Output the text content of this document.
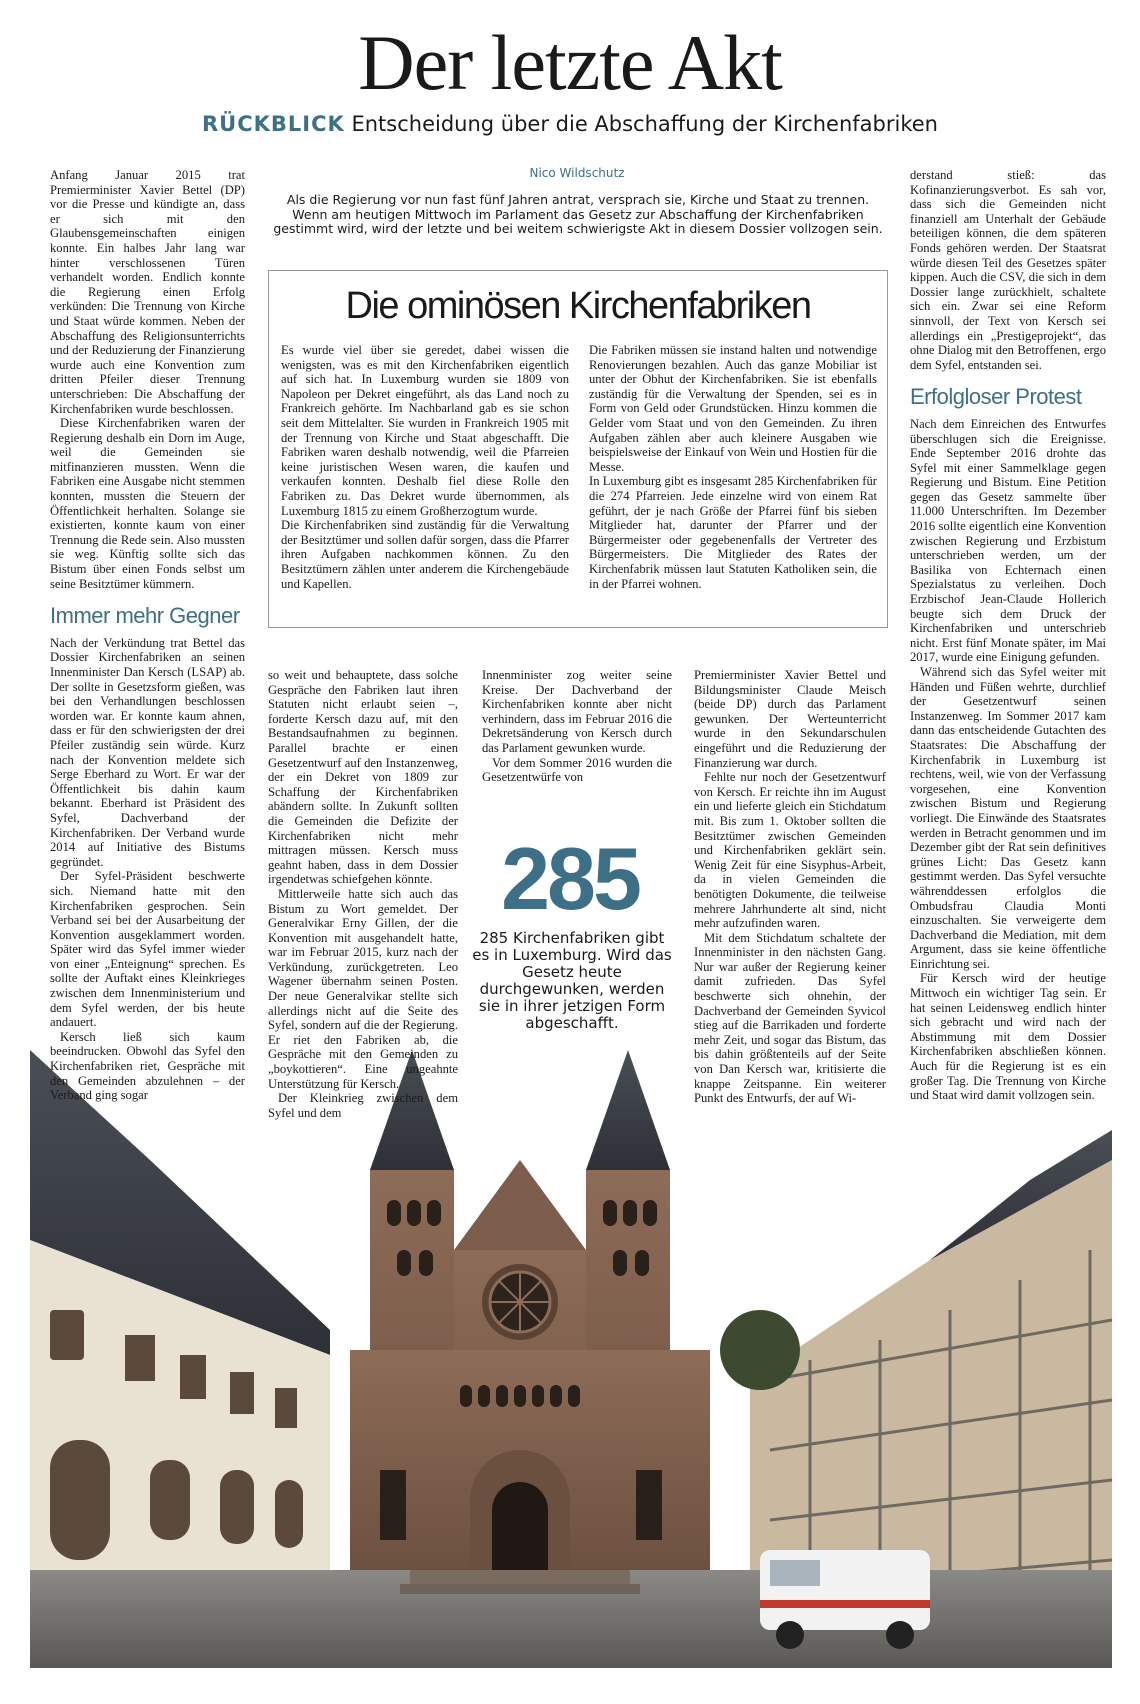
Der letzte Akt
RÜCKBLICK Entscheidung über die Abschaffung der Kirchenfabriken
Nico Wildschutz
Als die Regierung vor nun fast fünf Jahren antrat, versprach sie, Kirche und Staat zu trennen. Wenn am heutigen Mittwoch im Parlament das Gesetz zur Abschaffung der Kirchenfabriken gestimmt wird, wird der letzte und bei weitem schwierigste Akt in diesem Dossier vollzogen sein.

Anfang Januar 2015 trat Premierminister Xavier Bettel (DP) vor die Presse und kündigte an, dass er sich mit den Glaubensgemeinschaften einigen konnte. Ein halbes Jahr lang war hinter verschlossenen Türen verhandelt worden. Endlich konnte die Regierung einen Erfolg verkünden: Die Trennung von Kirche und Staat würde kommen. Neben der Abschaffung des Religionsunterrichts und der Reduzierung der Finanzierung wurde auch eine Konvention zum dritten Pfeiler dieser Trennung unterschrieben: Die Abschaffung der Kirchenfabriken wurde beschlossen.

Diese Kirchenfabriken waren der Regierung deshalb ein Dorn im Auge, weil die Gemeinden sie mitfinanzieren mussten. Wenn die Fabriken eine Ausgabe nicht stemmen konnten, mussten die Steuern der Öffentlichkeit herhalten. Solange sie existierten, konnte kaum von einer Trennung die Rede sein. Also mussten sie weg. Künftig sollte sich das Bistum über einen Fonds selbst um seine Besitztümer kümmern.

Immer mehr Gegner

Nach der Verkündung trat Bettel das Dossier Kirchenfabriken an seinen Innenminister Dan Kersch (LSAP) ab. Der sollte in Gesetzsform gießen, was bei den Verhandlungen beschlossen worden war. Er konnte kaum ahnen, dass er für den schwierigsten der drei Pfeiler zuständig sein würde. Kurz nach der Konvention meldete sich Serge Eberhard zu Wort. Er war der Öffentlichkeit bis dahin kaum bekannt. Eberhard ist Präsident des Syfel, Dachverband der Kirchenfabriken. Der Verband wurde 2014 auf Initiative des Bistums gegründet.

Der Syfel-Präsident beschwerte sich. Niemand hatte mit den Kirchenfabriken gesprochen. Sein Verband sei bei der Ausarbeitung der Konvention ausgeklammert worden. Später wird das Syfel immer wieder von einer „Enteignung“ sprechen. Es sollte der Auftakt eines Kleinkrieges zwischen dem Innenministerium und dem Syfel werden, der bis heute andauert.

Kersch ließ sich kaum beeindrucken. Obwohl das Syfel den Kirchenfabriken riet, Gespräche mit den Gemeinden abzulehnen – der Verband ging sogar

Die ominösen Kirchenfabriken

Es wurde viel über sie geredet, dabei wissen die wenigsten, was es mit den Kirchenfabriken eigentlich auf sich hat. In Luxemburg wurden sie 1809 von Napoleon per Dekret eingeführt, als das Land noch zu Frankreich gehörte. Im Nachbarland gab es sie schon seit dem Mittelalter. Sie wurden in Frankreich 1905 mit der Trennung von Kirche und Staat abgeschafft. Die Fabriken waren deshalb notwendig, weil die Pfarreien keine juristischen Wesen waren, die kaufen und verkaufen konnten. Deshalb fiel diese Rolle den Fabriken zu. Das Dekret wurde übernommen, als Luxemburg 1815 zu einem Großherzogtum wurde.

Die Kirchenfabriken sind zuständig für die Verwaltung der Besitztümer und sollen dafür sorgen, dass die Pfarrer ihren Aufgaben nachkommen können. Zu den Besitztümern zählen unter anderem die Kirchengebäude und Kapellen.

Die Fabriken müssen sie instand halten und notwendige Renovierungen bezahlen. Auch das ganze Mobiliar ist unter der Obhut der Kirchenfabriken. Sie ist ebenfalls zuständig für die Verwaltung der Spenden, sei es in Form von Geld oder Grundstücken. Hinzu kommen die Gelder vom Staat und von den Gemeinden. Zu ihren Aufgaben zählen aber auch kleinere Ausgaben wie beispielsweise der Einkauf von Wein und Hostien für die Messe.

In Luxemburg gibt es insgesamt 285 Kirchenfabriken für die 274 Pfarreien. Jede einzelne wird von einem Rat geführt, der je nach Größe der Pfarrei fünf bis sieben Mitglieder hat, darunter der Pfarrer und der Bürgermeister oder gegebenenfalls der Vertreter des Bürgermeisters. Die Mitglieder des Rates der Kirchenfabrik müssen laut Statuten Katholiken sein, die in der Pfarrei wohnen.

so weit und behauptete, dass solche Gespräche den Fabriken laut ihren Statuten nicht erlaubt seien –, forderte Kersch dazu auf, mit den Bestandsaufnahmen zu beginnen. Parallel brachte er einen Gesetzentwurf auf den Instanzenweg, der ein Dekret von 1809 zur Schaffung der Kirchenfabriken abändern sollte. In Zukunft sollten die Gemeinden die Defizite der Kirchenfabriken nicht mehr mittragen müssen. Kersch muss geahnt haben, dass in dem Dossier irgendetwas schiefgehen könnte.

Mittlerweile hatte sich auch das Bistum zu Wort gemeldet. Der Generalvikar Erny Gillen, der die Konvention mit ausgehandelt hatte, war im Februar 2015, kurz nach der Verkündung, zurückgetreten. Leo Wagener übernahm seinen Posten. Der neue Generalvikar stellte sich allerdings nicht auf die Seite des Syfel, sondern auf die der Regierung. Er riet den Fabriken ab, die Gespräche mit den Gemeinden zu „boykottieren“. Eine ungeahnte Unterstützung für Kersch.

Der Kleinkrieg zwischen dem Syfel und dem

Innenminister zog weiter seine Kreise. Der Dachverband der Kirchenfabriken konnte aber nicht verhindern, dass im Februar 2016 die Dekretsänderung von Kersch durch das Parlament gewunken wurde.

Vor dem Sommer 2016 wurden die Gesetzentwürfe von

285
285 Kirchenfabriken gibt es in Luxemburg. Wird das Gesetz heute durchgewunken, werden sie in ihrer jetzigen Form abgeschafft.

Premierminister Xavier Bettel und Bildungsminister Claude Meisch (beide DP) durch das Parlament gewunken. Der Werteunterricht wurde in den Sekundarschulen eingeführt und die Reduzierung der Finanzierung war durch.

Fehlte nur noch der Gesetzentwurf von Kersch. Er reichte ihn im August ein und lieferte gleich ein Stichdatum mit. Bis zum 1. Oktober sollten die Besitztümer zwischen Gemeinden und Kirchenfabriken geklärt sein. Wenig Zeit für eine Sisyphus-Arbeit, da in vielen Gemeinden die benötigten Dokumente, die teilweise mehrere Jahrhunderte alt sind, nicht mehr aufzufinden waren.

Mit dem Stichdatum schaltete der Innenminister in den nächsten Gang. Nur war außer der Regierung keiner damit zufrieden. Das Syfel beschwerte sich ohnehin, der Dachverband der Gemeinden Syvicol stieg auf die Barrikaden und forderte mehr Zeit, und sogar das Bistum, das bis dahin größtenteils auf der Seite von Dan Kersch war, kritisierte die knappe Zeitspanne. Ein weiterer Punkt des Entwurfs, der auf Wi-

derstand stieß: das Kofinanzierungsverbot. Es sah vor, dass sich die Gemeinden nicht finanziell am Unterhalt der Gebäude beteiligen können, die dem späteren Fonds gehören werden. Der Staatsrat würde diesen Teil des Gesetzes später kippen. Auch die CSV, die sich in dem Dossier lange zurückhielt, schaltete sich ein. Zwar sei eine Reform sinnvoll, der Text von Kersch sei allerdings ein „Prestigeprojekt“, das ohne Dialog mit den Betroffenen, ergo dem Syfel, entstanden sei.

Erfolgloser Protest

Nach dem Einreichen des Entwurfes überschlugen sich die Ereignisse. Ende September 2016 drohte das Syfel mit einer Sammelklage gegen Regierung und Bistum. Eine Petition gegen das Gesetz sammelte über 11.000 Unterschriften. Im Dezember 2016 sollte eigentlich eine Konvention zwischen Regierung und Erzbistum unterschrieben werden, um der Basilika von Echternach einen Spezialstatus zu verleihen. Doch Erzbischof Jean-Claude Hollerich beugte sich dem Druck der Kirchenfabriken und unterschrieb nicht. Erst fünf Monate später, im Mai 2017, wurde eine Einigung gefunden.

Während sich das Syfel weiter mit Händen und Füßen wehrte, durchlief der Gesetzentwurf seinen Instanzenweg. Im Sommer 2017 kam dann das entscheidende Gutachten des Staatsrates: Die Abschaffung der Kirchenfabrik in Luxemburg ist rechtens, weil, wie von der Verfassung vorgesehen, eine Konvention zwischen Bistum und Regierung vorliegt. Die Einwände des Staatsrates werden in Betracht genommen und im Dezember gibt der Rat sein definitives grünes Licht: Das Gesetz kann gestimmt werden. Das Syfel versuchte währenddessen erfolglos die Ombudsfrau Claudia Monti einzuschalten. Sie verweigerte dem Dachverband die Mediation, mit dem Argument, dass sie keine öffentliche Einrichtung sei.

Für Kersch wird der heutige Mittwoch ein wichtiger Tag sein. Er hat seinen Leidensweg endlich hinter sich gebracht und wird nach der Abstimmung mit dem Dossier Kirchenfabriken abschließen können. Auch für die Regierung ist es ein großer Tag. Die Trennung von Kirche und Staat wird damit vollzogen sein.
